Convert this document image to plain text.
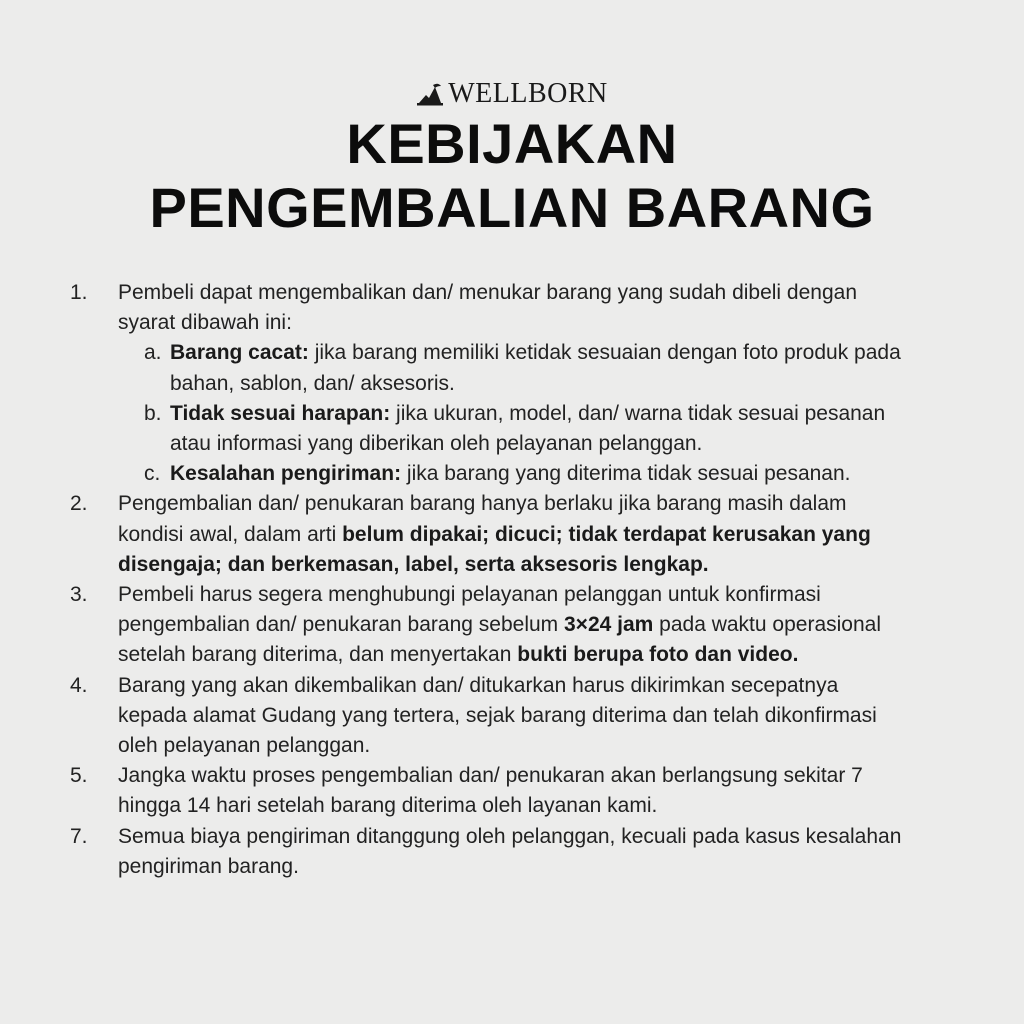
WELLBORN
KEBIJAKAN
PENGEMBALIAN BARANG
1. Pembeli dapat mengembalikan dan/ menukar barang yang sudah dibeli dengan syarat dibawah ini:
a. Barang cacat: jika barang memiliki ketidak sesuaian dengan foto produk pada bahan, sablon, dan/ aksesoris.
b. Tidak sesuai harapan: jika ukuran, model, dan/ warna tidak sesuai pesanan atau informasi yang diberikan oleh pelayanan pelanggan.
c. Kesalahan pengiriman: jika barang yang diterima tidak sesuai pesanan.
2. Pengembalian dan/ penukaran barang hanya berlaku jika barang masih dalam kondisi awal, dalam arti belum dipakai; dicuci; tidak terdapat kerusakan yang disengaja; dan berkemasan, label, serta aksesoris lengkap.
3. Pembeli harus segera menghubungi pelayanan pelanggan untuk konfirmasi pengembalian dan/ penukaran barang sebelum 3×24 jam pada waktu operasional setelah barang diterima, dan menyertakan bukti berupa foto dan video.
4. Barang yang akan dikembalikan dan/ ditukarkan harus dikirimkan secepatnya kepada alamat Gudang yang tertera, sejak barang diterima dan telah dikonfirmasi oleh pelayanan pelanggan.
5. Jangka waktu proses pengembalian dan/ penukaran akan berlangsung sekitar 7 hingga 14 hari setelah barang diterima oleh layanan kami.
7. Semua biaya pengiriman ditanggung oleh pelanggan, kecuali pada kasus kesalahan pengiriman barang.
